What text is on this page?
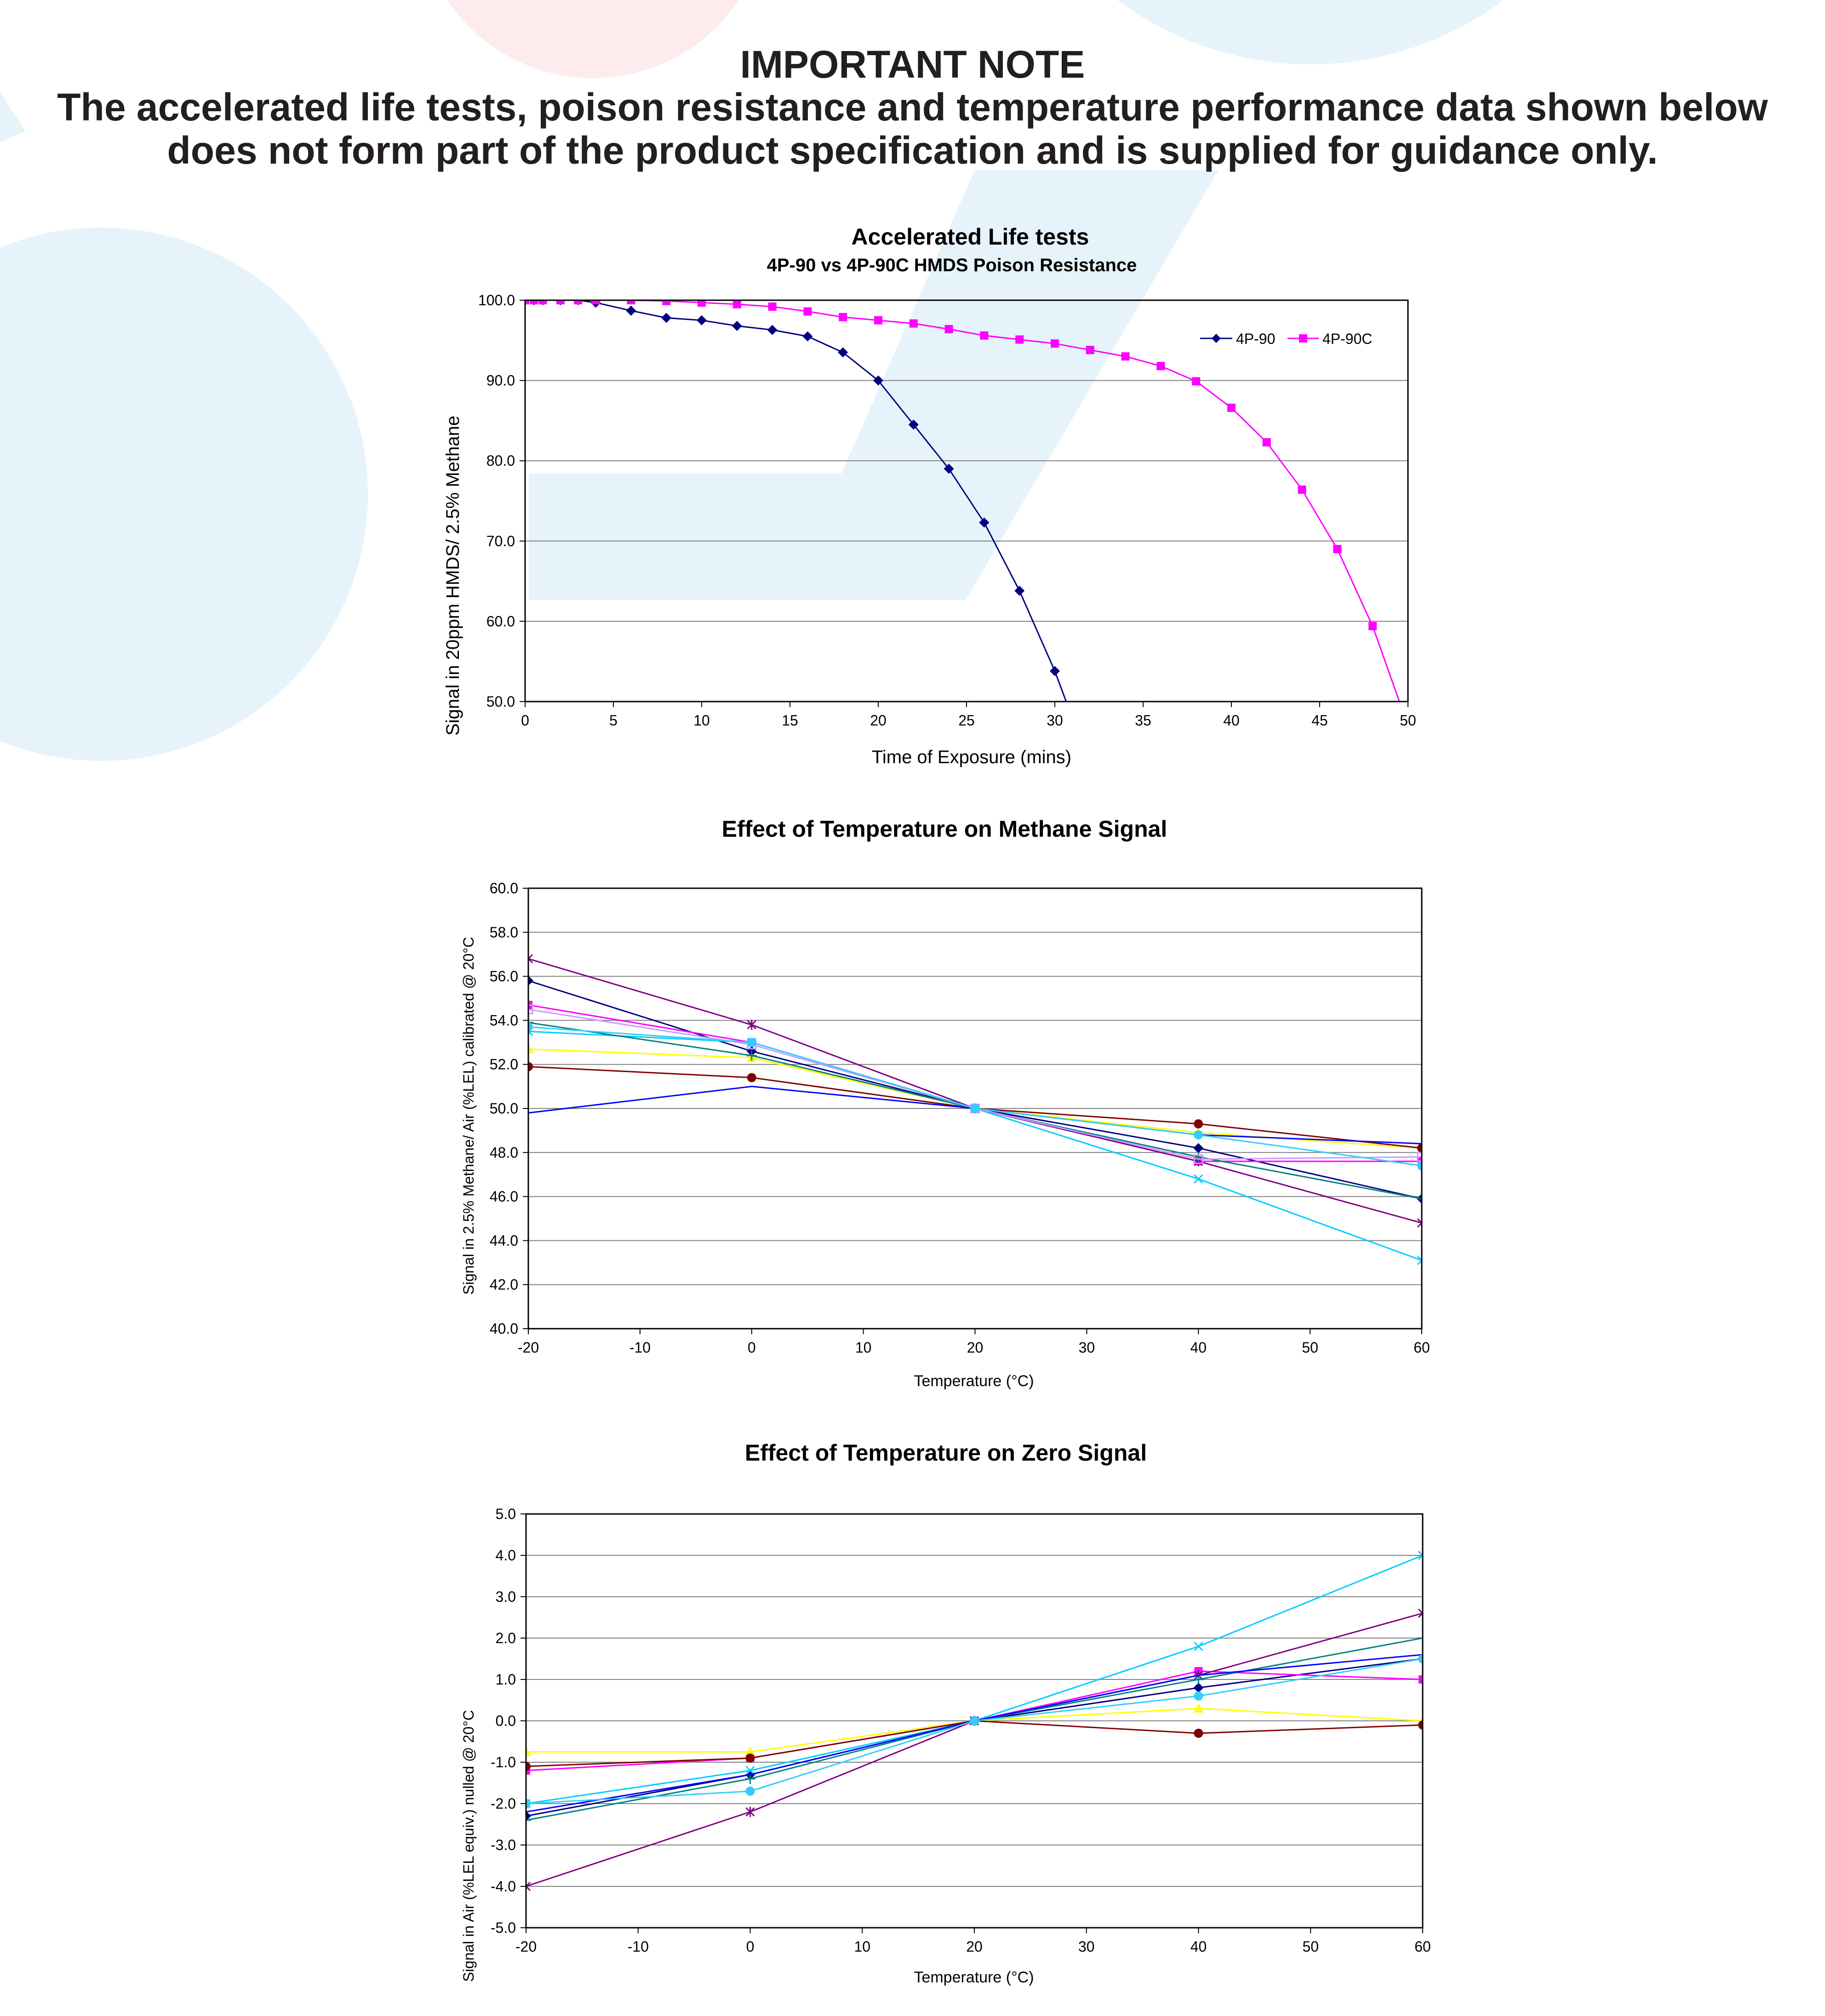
IMPORTANT NOTE
The accelerated life tests, poison resistance and temperature performance data shown below
does not form part of the product specification and is supplied for guidance only.
Accelerated Life tests
4P-90 vs 4P-90C HMDS Poison Resistance
Time of Exposure (mins)
Signal in 20ppm HMDS/ 2.5% Methane 50.0
60.0
70.0
80.0
90.0
100.0
0	5	10	15	20	25	30	35	40	45	50
4P-90	4P-90C
Effect of Temperature on Methane Signal
Temperature (°C)
Signal in 2.5% Methane/ Air (%LEL) calibrated @ 20°C
40.0
42.0
44.0
46.0
48.0
50.0
52.0
54.0
56.0
58.0
60.0
-20	-10	0	10	20	30	40	50	60
Effect of Temperature on Zero Signal
Temperature (°C)
Signal in Air (%LEL equiv.) nulled @ 20°C -5.0
-4.0
-3.0
-2.0
-1.0
0.0
1.0
2.0
3.0
4.0
5.0
-20	-10	0	10	20	30	40	50	60
